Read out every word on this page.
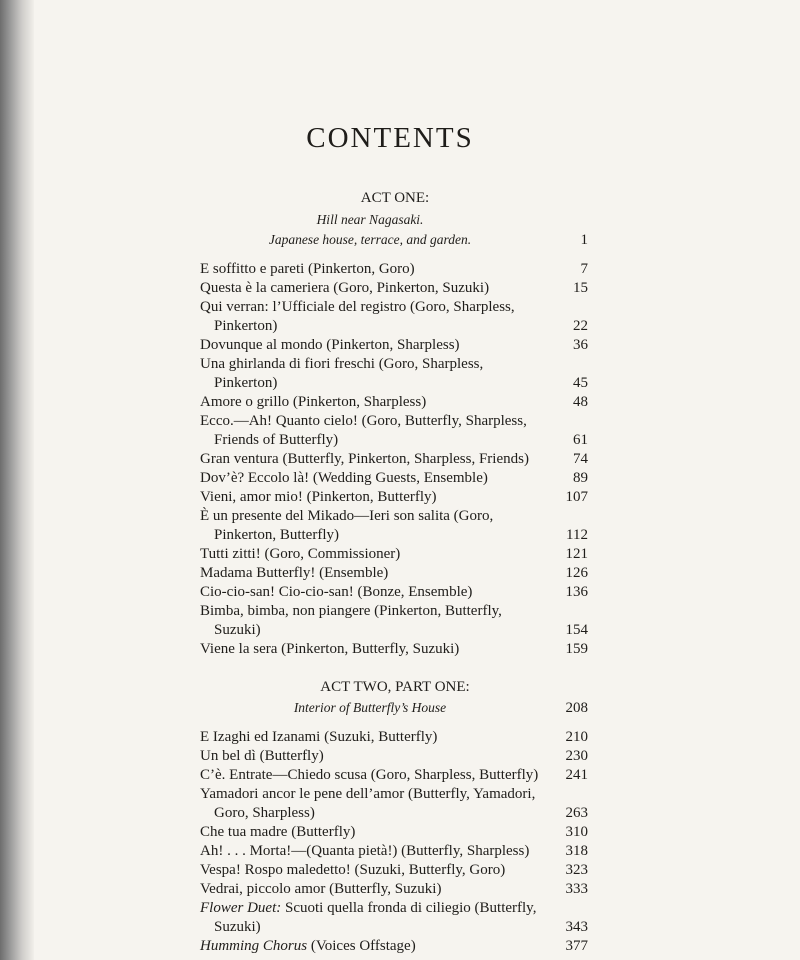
CONTENTS
ACT ONE:
Hill near Nagasaki.
Japanese house, terrace, and garden.	1
E soffitto e pareti (Pinkerton, Goro)	7
Questa è la cameriera (Goro, Pinkerton, Suzuki)	15
Qui verran: l’Ufficiale del registro (Goro, Sharpless, Pinkerton)	22
Dovunque al mondo (Pinkerton, Sharpless)	36
Una ghirlanda di fiori freschi (Goro, Sharpless, Pinkerton)	45
Amore o grillo (Pinkerton, Sharpless)	48
Ecco.—Ah! Quanto cielo! (Goro, Butterfly, Sharpless, Friends of Butterfly)	61
Gran ventura (Butterfly, Pinkerton, Sharpless, Friends)	74
Dov’è? Eccolo là! (Wedding Guests, Ensemble)	89
Vieni, amor mio! (Pinkerton, Butterfly)	107
È un presente del Mikado—Ieri son salita (Goro, Pinkerton, Butterfly)	112
Tutti zitti! (Goro, Commissioner)	121
Madama Butterfly! (Ensemble)	126
Cio-cio-san! Cio-cio-san! (Bonze, Ensemble)	136
Bimba, bimba, non piangere (Pinkerton, Butterfly, Suzuki)	154
Viene la sera (Pinkerton, Butterfly, Suzuki)	159
ACT TWO, PART ONE:
Interior of Butterfly’s House	208
E Izaghi ed Izanami (Suzuki, Butterfly)	210
Un bel dì (Butterfly)	230
C’è. Entrate—Chiedo scusa (Goro, Sharpless, Butterfly)	241
Yamadori ancor le pene dell’amor (Butterfly, Yamadori, Goro, Sharpless)	263
Che tua madre (Butterfly)	310
Ah! . . . Morta!—(Quanta pietà!) (Butterfly, Sharpless)	318
Vespa! Rospo maledetto! (Suzuki, Butterfly, Goro)	323
Vedrai, piccolo amor (Butterfly, Suzuki)	333
Flower Duet: Scuoti quella fronda di ciliegio (Butterfly, Suzuki)	343
Humming Chorus (Voices Offstage)	377
